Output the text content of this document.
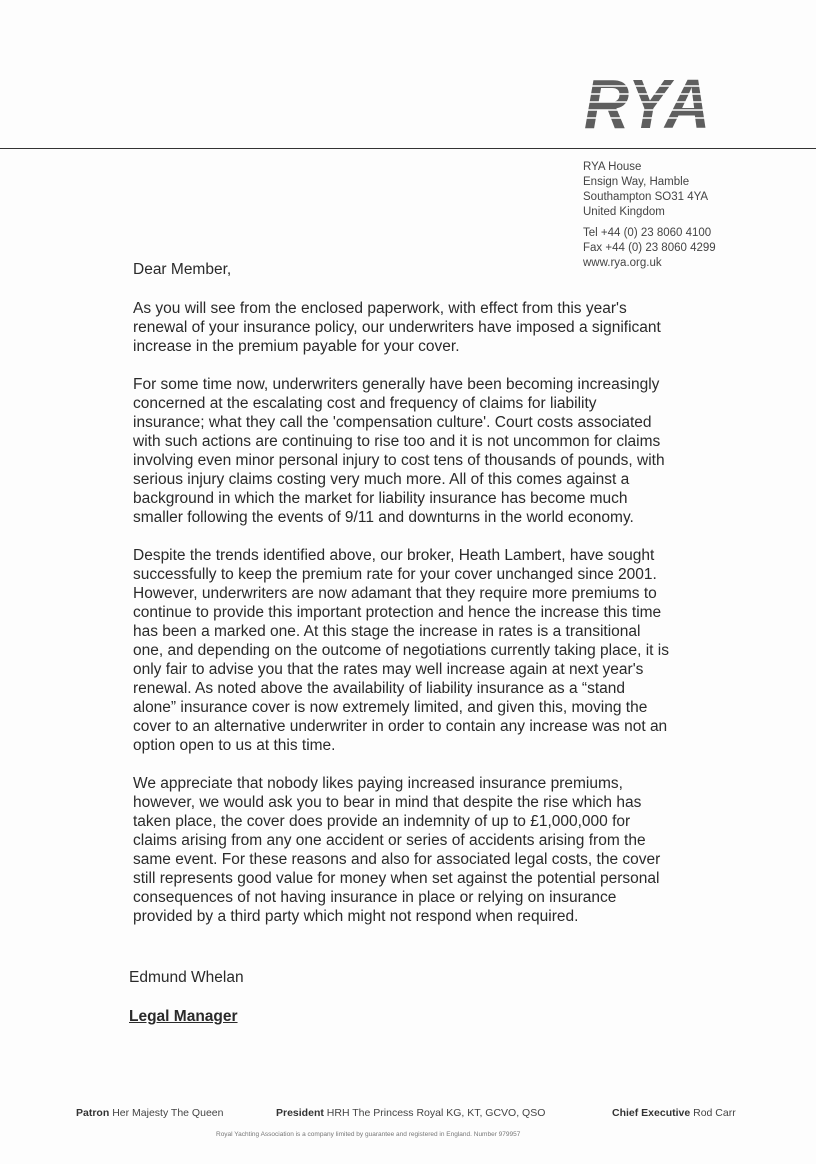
RYA
RYA House
Ensign Way, Hamble
Southampton SO31 4YA
United Kingdom
Tel +44 (0) 23 8060 4100
Fax +44 (0) 23 8060 4299
www.rya.org.uk
Dear Member,

As you will see from the enclosed paperwork, with effect from this year's
renewal of your insurance policy, our underwriters have imposed a significant
increase in the premium payable for your cover.

For some time now, underwriters generally have been becoming increasingly
concerned at the escalating cost and frequency of claims for liability
insurance; what they call the 'compensation culture'. Court costs associated
with such actions are continuing to rise too and it is not uncommon for claims
involving even minor personal injury to cost tens of thousands of pounds, with
serious injury claims costing very much more. All of this comes against a
background in which the market for liability insurance has become much
smaller following the events of 9/11 and downturns in the world economy.

Despite the trends identified above, our broker, Heath Lambert, have sought
successfully to keep the premium rate for your cover unchanged since 2001.
However, underwriters are now adamant that they require more premiums to
continue to provide this important protection and hence the increase this time
has been a marked one. At this stage the increase in rates is a transitional
one, and depending on the outcome of negotiations currently taking place, it is
only fair to advise you that the rates may well increase again at next year's
renewal. As noted above the availability of liability insurance as a “stand
alone” insurance cover is now extremely limited, and given this, moving the
cover to an alternative underwriter in order to contain any increase was not an
option open to us at this time.

We appreciate that nobody likes paying increased insurance premiums,
however, we would ask you to bear in mind that despite the rise which has
taken place, the cover does provide an indemnity of up to £1,000,000 for
claims arising from any one accident or series of accidents arising from the
same event. For these reasons and also for associated legal costs, the cover
still represents good value for money when set against the potential personal
consequences of not having insurance in place or relying on insurance
provided by a third party which might not respond when required.

Edmund Whelan
Legal Manager
Patron Her Majesty The Queen	President HRH The Princess Royal KG, KT, GCVO, QSO	Chief Executive Rod Carr
Royal Yachting Association is a company limited by guarantee and registered in England. Number 979957
